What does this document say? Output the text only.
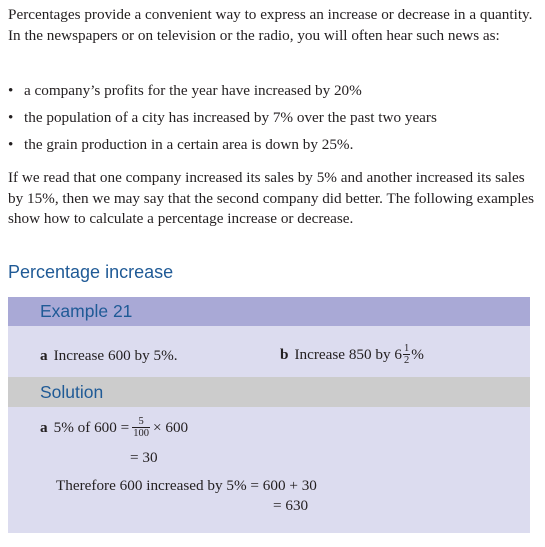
Percentages provide a convenient way to express an increase or decrease in a quantity. In the newspapers or on television or the radio, you will often hear such news as:

• a company’s profits for the year have increased by 20%
• the population of a city has increased by 7% over the past two years
• the grain production in a certain area is down by 25%.

If we read that one company increased its sales by 5% and another increased its sales by 15%, then we may say that the second company did better. The following examples show how to calculate a percentage increase or decrease.

Percentage increase
Example 21
a Increase 600 by 5%.	b Increase 850 by $6 \frac{1}{2}$ %
Solution
a 5% of $600 = \frac{5}{100} \times 600$
= 30
Therefore 600 increased by 5% = 600 + 30
= 630
